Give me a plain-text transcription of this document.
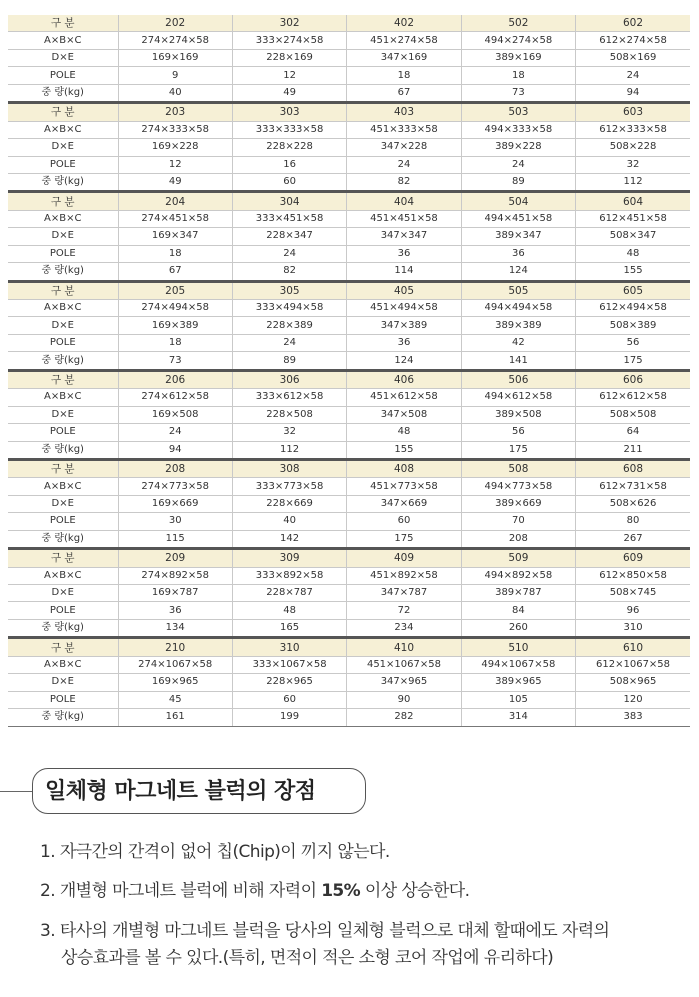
구 분	202	302	402	502	602
A×B×C	274×274×58	333×274×58	451×274×58	494×274×58	612×274×58
D×E	169×169	228×169	347×169	389×169	508×169
POLE	9	12	18	18	24
중 량(kg)	40	49	67	73	94
구 분	203	303	403	503	603
A×B×C	274×333×58	333×333×58	451×333×58	494×333×58	612×333×58
D×E	169×228	228×228	347×228	389×228	508×228
POLE	12	16	24	24	32
중 량(kg)	49	60	82	89	112
구 분	204	304	404	504	604
A×B×C	274×451×58	333×451×58	451×451×58	494×451×58	612×451×58
D×E	169×347	228×347	347×347	389×347	508×347
POLE	18	24	36	36	48
중 량(kg)	67	82	114	124	155
구 분	205	305	405	505	605
A×B×C	274×494×58	333×494×58	451×494×58	494×494×58	612×494×58
D×E	169×389	228×389	347×389	389×389	508×389
POLE	18	24	36	42	56
중 량(kg)	73	89	124	141	175
구 분	206	306	406	506	606
A×B×C	274×612×58	333×612×58	451×612×58	494×612×58	612×612×58
D×E	169×508	228×508	347×508	389×508	508×508
POLE	24	32	48	56	64
중 량(kg)	94	112	155	175	211
구 분	208	308	408	508	608
A×B×C	274×773×58	333×773×58	451×773×58	494×773×58	612×731×58
D×E	169×669	228×669	347×669	389×669	508×626
POLE	30	40	60	70	80
중 량(kg)	115	142	175	208	267
구 분	209	309	409	509	609
A×B×C	274×892×58	333×892×58	451×892×58	494×892×58	612×850×58
D×E	169×787	228×787	347×787	389×787	508×745
POLE	36	48	72	84	96
중 량(kg)	134	165	234	260	310
구 분	210	310	410	510	610
A×B×C	274×1067×58	333×1067×58	451×1067×58	494×1067×58	612×1067×58
D×E	169×965	228×965	347×965	389×965	508×965
POLE	45	60	90	105	120
중 량(kg)	161	199	282	314	383
일체형 마그네트 블럭의 장점
1. 자극간의 간격이 없어 칩(Chip)이 끼지 않는다.
2. 개별형 마그네트 블럭에 비해 자력이 15% 이상 상승한다.
3. 타사의 개별형 마그네트 블럭을 당사의 일체형 블럭으로 대체 할때에도 자력의
상승효과를 볼 수 있다.(특히, 면적이 적은 소형 코어 작업에 유리하다)
